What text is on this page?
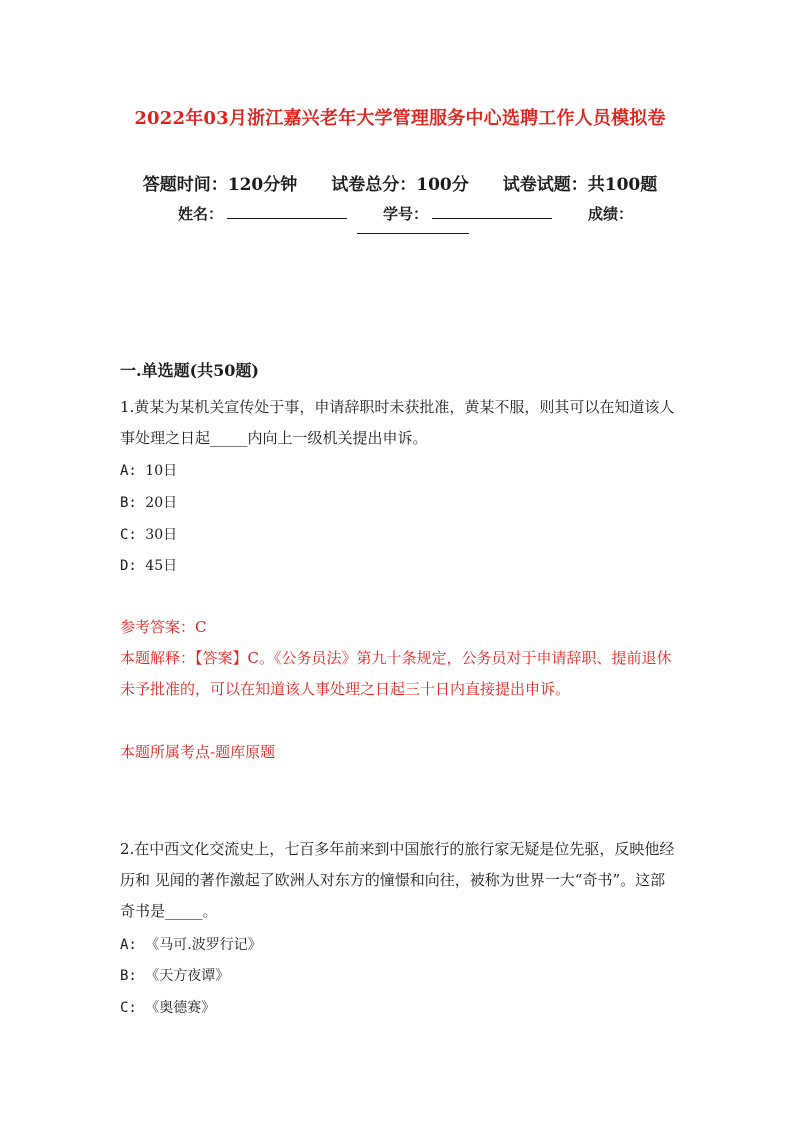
2022年03月浙江嘉兴老年大学管理服务中心选聘工作人员模拟卷
答题时间：120分钟 试卷总分：100分 试卷试题：共100题
姓名：	学号：	成绩：
一.单选题(共50题)
1.黄某为某机关宣传处于事，申请辞职时未获批准，黄某不服，则其可以在知道该人事处理之日起_____内向上一级机关提出申诉。
A: 10日
B: 20日
C: 30日
D: 45日
参考答案：C
本题解释：【答案】C。《公务员法》第九十条规定，公务员对于申请辞职、提前退休未予批准的，可以在知道该人事处理之日起三十日内直接提出申诉。
本题所属考点-题库原题
2.在中西文化交流史上，七百多年前来到中国旅行的旅行家无疑是位先驱，反映他经历和 见闻的著作激起了欧洲人对东方的憧憬和向往，被称为世界一大“奇书”。这部奇书是_____。
A: 《马可.波罗行记》
B: 《天方夜谭》
C: 《奥德赛》
